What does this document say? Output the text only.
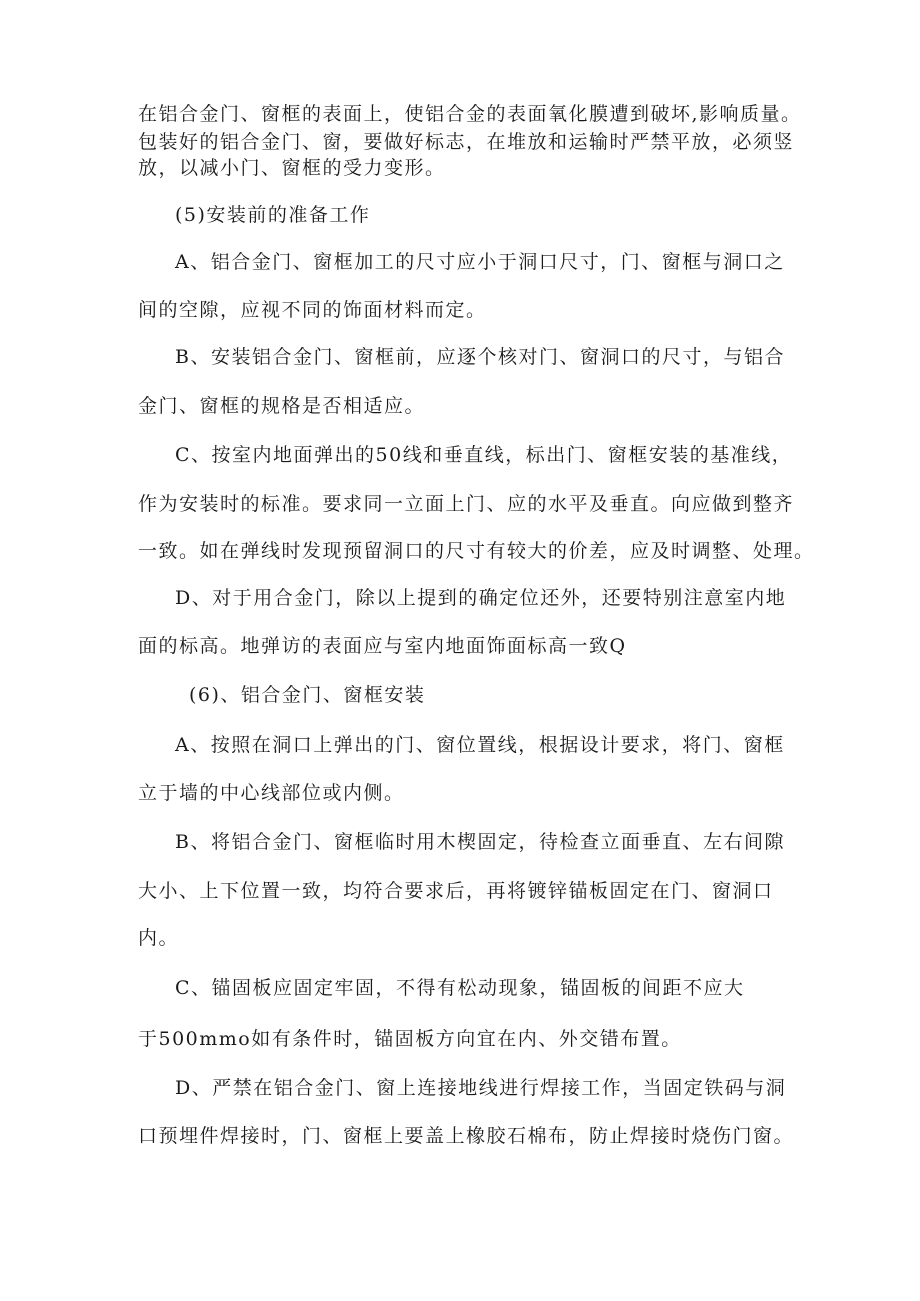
在铝合金门、窗框的表面上，使铝合金的表面氧化膜遭到破坏,影响质量。
包装好的铝合金门、窗，要做好标志，在堆放和运输时严禁平放，必须竖
放，以减小门、窗框的受力变形。
(5)安装前的准备工作
A、铝合金门、窗框加工的尺寸应小于洞口尺寸，门、窗框与洞口之
间的空隙，应视不同的饰面材料而定。
B、安装铝合金门、窗框前，应逐个核对门、窗洞口的尺寸，与铝合
金门、窗框的规格是否相适应。
C、按室内地面弹出的50线和垂直线，标出门、窗框安装的基准线，
作为安装时的标准。要求同一立面上门、应的水平及垂直。向应做到整齐
一致。如在弹线时发现预留洞口的尺寸有较大的价差，应及时调整、处理。
D、对于用合金门，除以上提到的确定位还外，还要特别注意室内地
面的标高。地弹访的表面应与室内地面饰面标高一致Q
(6)、铝合金门、窗框安装
A、按照在洞口上弹出的门、窗位置线，根据设计要求，将门、窗框
立于墙的中心线部位或内侧。
B、将铝合金门、窗框临时用木楔固定，待检查立面垂直、左右间隙
大小、上下位置一致，均符合要求后，再将镀锌锚板固定在门、窗洞口
内。
C、锚固板应固定牢固，不得有松动现象，锚固板的间距不应大
于500mmo如有条件时，锚固板方向宜在内、外交错布置。
D、严禁在铝合金门、窗上连接地线进行焊接工作，当固定铁码与洞
口预埋件焊接时，门、窗框上要盖上橡胶石棉布，防止焊接时烧伤门窗。
